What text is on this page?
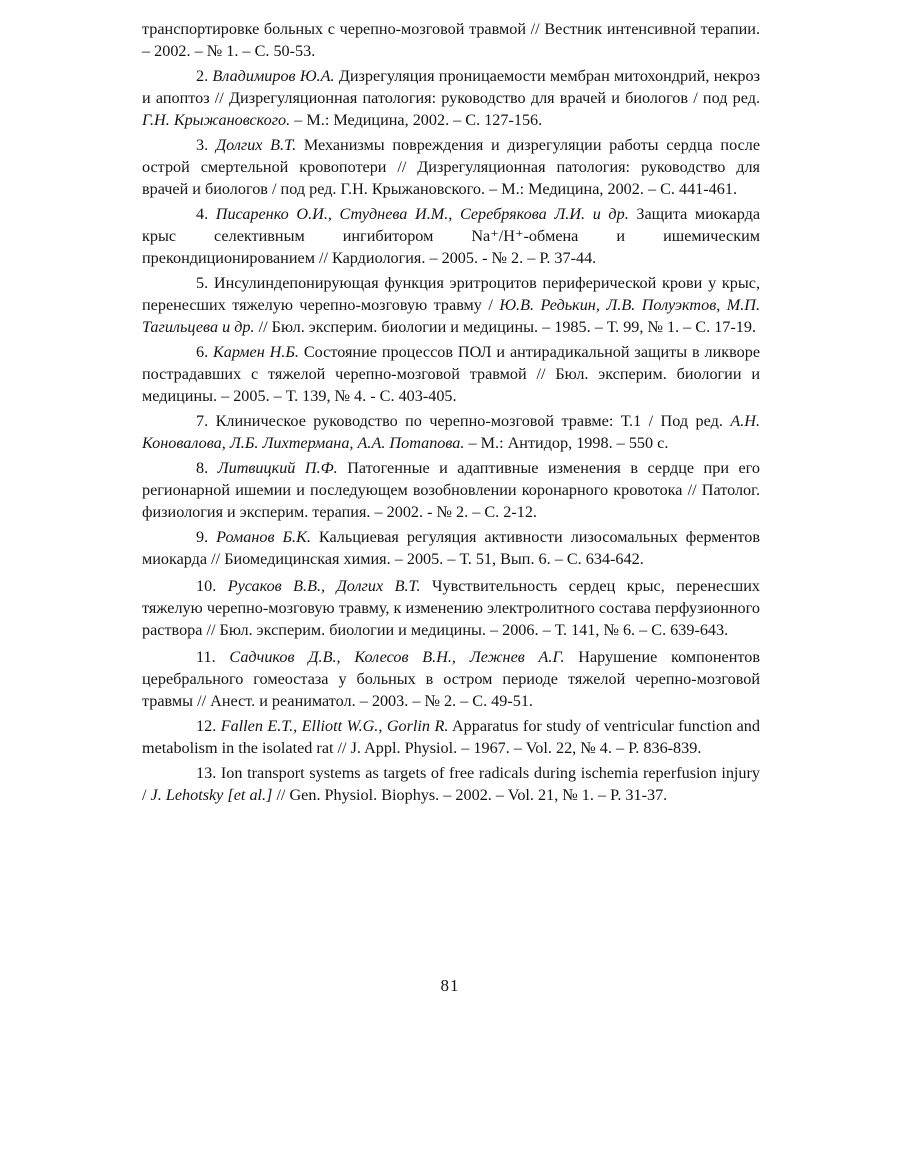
транспортировке больных с черепно-мозговой травмой // Вестник интенсивной терапии. – 2002. – № 1. – С. 50-53.

2. Владимиров Ю.А. Дизрегуляция проницаемости мембран митохондрий, некроз и апоптоз // Дизрегуляционная патология: руководство для врачей и биологов / под ред. Г.Н. Крыжановского. – М.: Медицина, 2002. – С. 127-156.

3. Долгих В.Т. Механизмы повреждения и дизрегуляции работы сердца после острой смертельной кровопотери // Дизрегуляционная патология: руководство для врачей и биологов / под ред. Г.Н. Крыжановского. – М.: Медицина, 2002. – С. 441-461.

4. Писаренко О.И., Студнева И.М., Серебрякова Л.И. и др. Защита миокарда крыс селективным ингибитором Na⁺/H⁺-обмена и ишемическим прекондиционированием // Кардиология. – 2005. - № 2. – Р. 37-44.

5. Инсулиндепонирующая функция эритроцитов периферической крови у крыс, перенесших тяжелую черепно-мозговую травму / Ю.В. Редькин, Л.В. Полуэктов, М.П. Тагильцева и др. // Бюл. эксперим. биологии и медицины. – 1985. – Т. 99, № 1. – С. 17-19.

6. Кармен Н.Б. Состояние процессов ПОЛ и антирадикальной защиты в ликворе пострадавших с тяжелой черепно-мозговой травмой // Бюл. эксперим. биологии и медицины. – 2005. – Т. 139, № 4. - С. 403-405.

7. Клиническое руководство по черепно-мозговой травме: Т.1 / Под ред. А.Н. Коновалова, Л.Б. Лихтермана, А.А. Потапова. – М.: Антидор, 1998. – 550 с.

8. Литвицкий П.Ф. Патогенные и адаптивные изменения в сердце при его регионарной ишемии и последующем возобновлении коронарного кровотока // Патолог. физиология и эксперим. терапия. – 2002. - № 2. – С. 2-12.

9. Романов Б.К. Кальциевая регуляция активности лизосомальных ферментов миокарда // Биомедицинская химия. – 2005. – Т. 51, Вып. 6. – С. 634-642.

10. Русаков В.В., Долгих В.Т. Чувствительность сердец крыс, перенесших тяжелую черепно-мозговую травму, к изменению электролитного состава перфузионного раствора // Бюл. эксперим. биологии и медицины. – 2006. – Т. 141, № 6. – С. 639-643.

11. Садчиков Д.В., Колесов В.Н., Лежнев А.Г. Нарушение компонентов церебрального гомеостаза у больных в остром периоде тяжелой черепно-мозговой травмы // Анест. и реаниматол. – 2003. – № 2. – С. 49-51.

12. Fallen E.T., Elliott W.G., Gorlin R. Apparatus for study of ventricular function and metabolism in the isolated rat // J. Appl. Physiol. – 1967. – Vol. 22, № 4. – P. 836-839.

13. Ion transport systems as targets of free radicals during ischemia reperfusion injury / J. Lehotsky [et al.] // Gen. Physiol. Biophys. – 2002. – Vol. 21, № 1. – P. 31-37.

81
